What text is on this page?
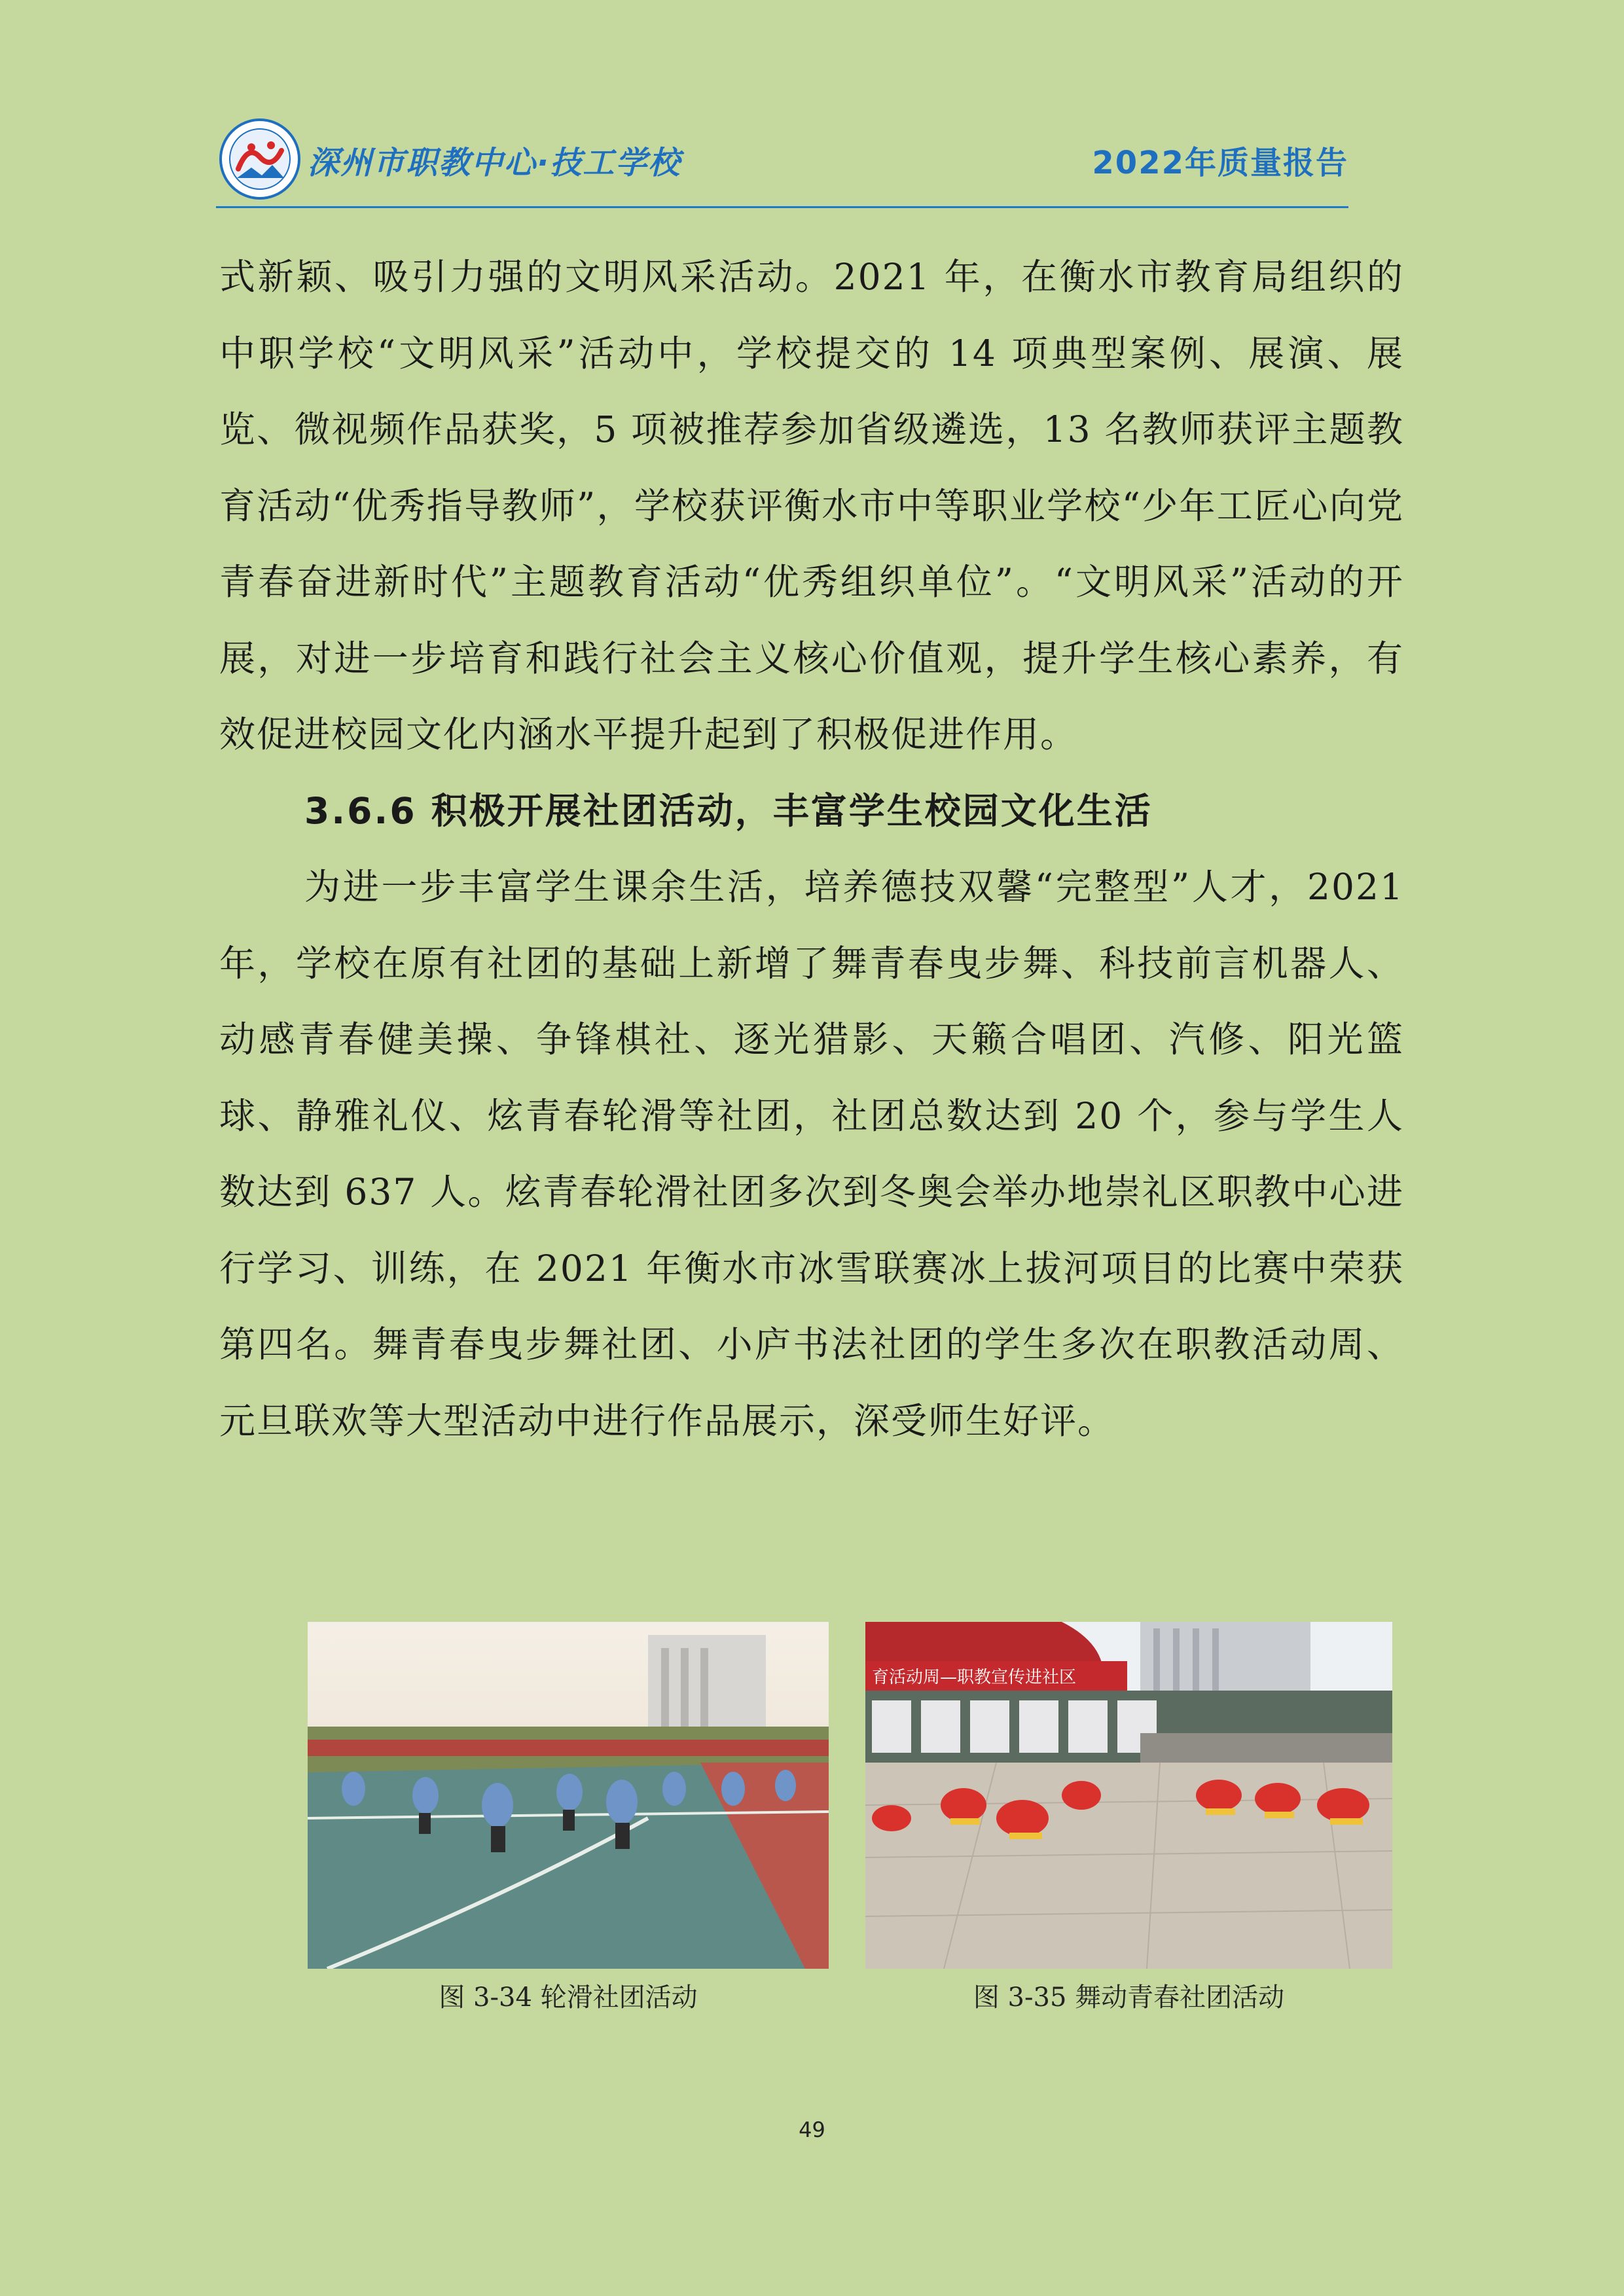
深州市职教中心·技工学校	2022年质量报告

式新颖、吸引力强的文明风采活动。2021 年，在衡水市教育局组织的中职学校“文明风采”活动中，学校提交的 14 项典型案例、展演、展览、微视频作品获奖，5 项被推荐参加省级遴选，13 名教师获评主题教育活动“优秀指导教师”，学校获评衡水市中等职业学校“少年工匠心向党 青春奋进新时代”主题教育活动“优秀组织单位”。“文明风采”活动的开展，对进一步培育和践行社会主义核心价值观，提升学生核心素养，有效促进校园文化内涵水平提升起到了积极促进作用。

3.6.6 积极开展社团活动，丰富学生校园文化生活

为进一步丰富学生课余生活，培养德技双馨“完整型”人才，2021 年，学校在原有社团的基础上新增了舞青春曳步舞、科技前言机器人、动感青春健美操、争锋棋社、逐光猎影、天籁合唱团、汽修、阳光篮球、静雅礼仪、炫青春轮滑等社团，社团总数达到 20 个，参与学生人数达到 637 人。炫青春轮滑社团多次到冬奥会举办地崇礼区职教中心进行学习、训练，在 2021 年衡水市冰雪联赛冰上拔河项目的比赛中荣获第四名。舞青春曳步舞社团、小庐书法社团的学生多次在职教活动周、元旦联欢等大型活动中进行作品展示，深受师生好评。

育活动周—职教宣传进社区
图 3-34 轮滑社团活动	图 3-35 舞动青春社团活动
49
